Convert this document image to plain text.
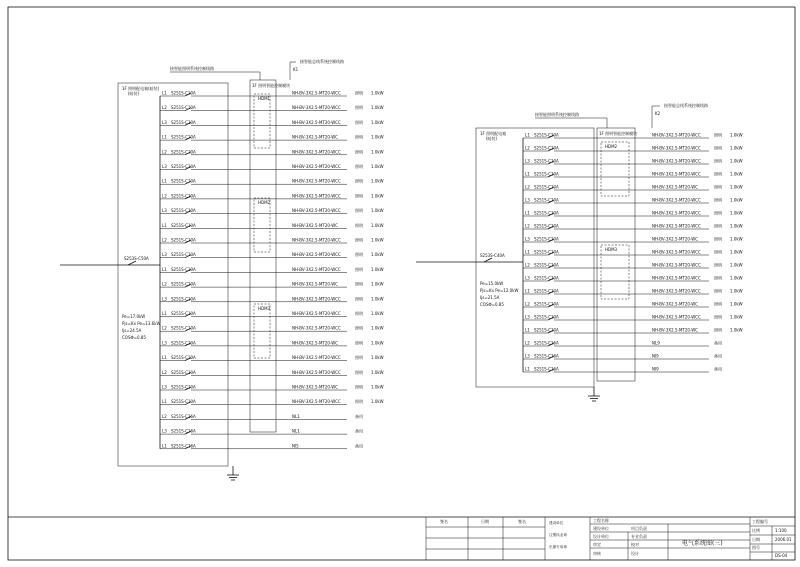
1F 照明配电箱(暗装)
(暗装)
S253S-C50A
Pe=17.0kW
Pjs=Kx Pe=13.6kW
Ijs=24.5A
COSΦ=0.85
1F 照明智能控制模块
接智能总线系统控制线路
K1
接智能照明系统控制线路
HDM1
HDM2
HDM3
L1 S251S-C10A	NH-BV-3X2.5-MT20-WCC	照明 1.0kW
L2 S251S-C10A	NH-BV-3X2.5-MT20-WCC	照明 1.0kW
L3 S251S-C10A	NH-BV-3X2.5-MT20-WCC	照明 1.0kW
L1 S251S-C10A	NH-BV-3X2.5-MT20-WC	照明 1.0kW
L2 S251S-C10A	NH-BV-3X2.5-MT20-WCC	照明 1.0kW
L3 S251S-C10A	NH-BV-3X2.5-MT20-WCC	照明 1.0kW
L1 S251S-C10A	NH-BV-3X2.5-MT20-WCC	照明 1.0kW
L2 S251S-C10A	NH-BV-3X2.5-MT20-WCC	照明 1.0kW
L3 S251S-C10A	NH-BV-3X2.5-MT20-WCC	照明 1.0kW
L1 S251S-C10A	NH-BV-3X2.5-MT20-WC	照明 1.0kW
L2 S251S-C10A	NH-BV-3X2.5-MT20-WCC	照明 1.0kW
L3 S251S-C10A	NH-BV-3X2.5-MT20-WCC	照明 1.0kW
L1 S251S-C10A	NH-BV-3X2.5-MT20-WCC	照明 1.0kW
L2 S251S-C10A	NH-BV-3X2.5-MT20-WC	照明 1.0kW
L3 S251S-C10A	NH-BV-3X2.5-MT20-WCC	照明 1.0kW
L1 S251S-C10A	NH-BV-3X2.5-MT20-WCC	照明 1.0kW
L2 S251S-C10A	NH-BV-3X2.5-MT20-WCC	照明 1.0kW
L3 S251S-C10A	NH-BV-3X2.5-MT20-WC	照明 1.0kW
L1 S251S-C10A	NH-BV-3X2.5-MT20-WCC	照明 1.0kW
L2 S251S-C10A	NH-BV-3X2.5-MT20-WCC	照明 1.0kW
L3 S251S-C10A	NH-BV-3X2.5-MT20-WC	照明 1.0kW
L1 S251S-C10A	NH-BV-3X2.5-MT20-WCC	照明 1.0kW
L2 S251S-C16A	NL1	备用
L3 S251S-C16A	NL1	备用
L1 S251S-C16A	NI5	备用
1F 照明配电箱
(暗装)
S253S-C40A
Pe=15.0kW
Pjs=Kx Pe=12.0kW
Ijs=21.5A
COSΦ=0.85
1F 照明智能控制模块
接智能总线系统控制线路
K2
接智能照明系统控制线路
HDM2
HDM3
L1 S251S-C10A	NH-BV-3X2.5-MT20-WCC	照明 1.0kW
L2 S251S-C10A	NH-BV-3X2.5-MT20-WCC	照明 1.0kW
L3 S251S-C10A	NH-BV-3X2.5-MT20-WCC	照明 1.0kW
L1 S251S-C10A	NH-BV-3X2.5-MT20-WCC	照明 1.0kW
L2 S251S-C10A	NH-BV-3X2.5-MT20-WC	照明 1.0kW
L3 S251S-C10A	NH-BV-3X2.5-MT20-WCC	照明 1.0kW
L1 S251S-C10A	NH-BV-3X2.5-MT20-WCC	照明 1.0kW
L2 S251S-C10A	NH-BV-3X2.5-MT20-WCC	照明 1.0kW
L3 S251S-C10A	NH-BV-3X2.5-MT20-WC	照明 1.0kW
L1 S251S-C10A	NH-BV-3X2.5-MT20-WCC	照明 1.0kW
L2 S251S-C10A	NH-BV-3X2.5-MT20-WCC	照明 1.0kW
L3 S251S-C10A	NH-BV-3X2.5-MT20-WCC	照明 1.0kW
L1 S251S-C10A	NH-BV-3X2.5-MT20-WCC	照明 1.0kW
L2 S251S-C10A	NH-BV-3X2.5-MT20-WC	照明 1.0kW
L3 S251S-C10A	NH-BV-3X2.5-MT20-WCC	照明 1.0kW
L1 S251S-C10A	NH-BV-3X2.5-MT20-WC	照明 1.0kW
L2 S251S-C16A	NL9	备用
L3 S251S-C16A	NI9	备用
L1 S251S-C16A	NI9	备用
签名	日期	签名	建设单位
注册执业章
出图专用章
工程名称
建设单位
设计单位
审定
审核
项目负责
专业负责
校对
设计
电气系统图(三)
工程编号
比例	1:100
日期	2006.01
图号
DS-04
